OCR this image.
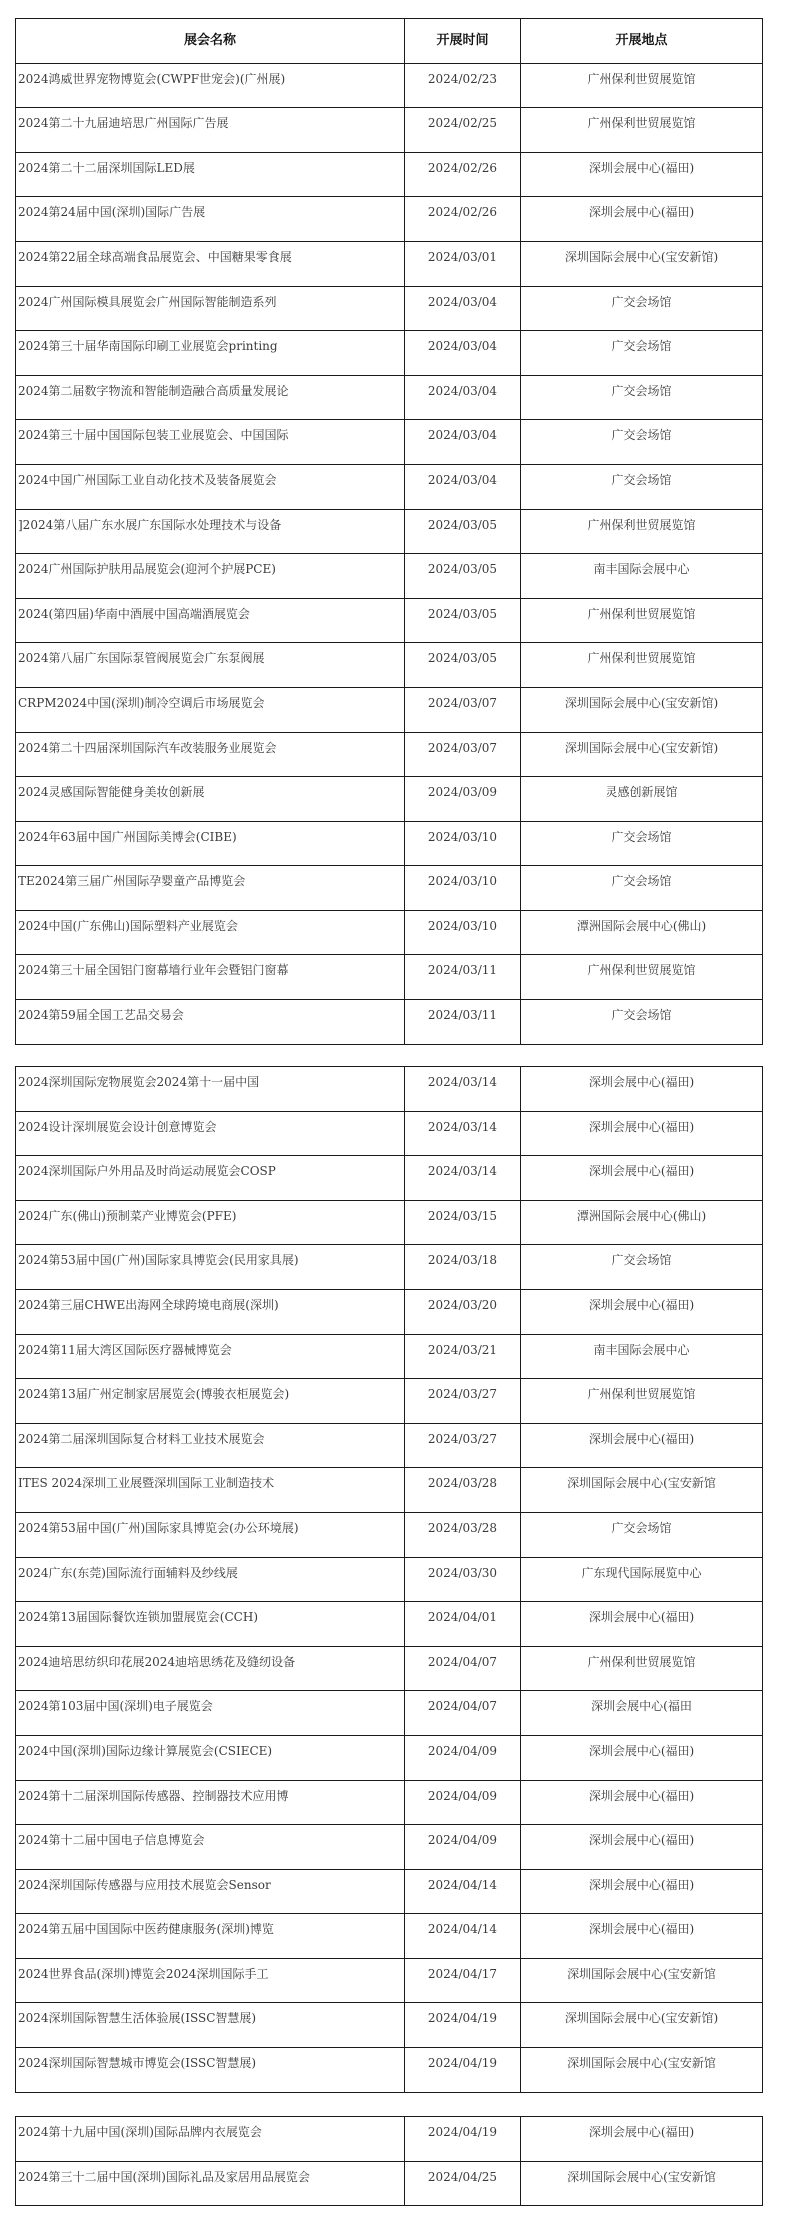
展会名称	开展时间	开展地点
2024鸿威世界宠物博览会(CWPF世宠会)(广州展)	2024/02/23	广州保利世贸展览馆
2024第二十九届迪培思广州国际广告展	2024/02/25	广州保利世贸展览馆
2024第二十二届深圳国际LED展	2024/02/26	深圳会展中心(福田)
2024第24届中国(深圳)国际广告展	2024/02/26	深圳会展中心(福田)
2024第22届全球高端食品展览会、中国糖果零食展	2024/03/01	深圳国际会展中心(宝安新馆)
2024广州国际模具展览会广州国际智能制造系列	2024/03/04	广交会场馆
2024第三十届华南国际印刷工业展览会printing	2024/03/04	广交会场馆
2024第二届数字物流和智能制造融合高质量发展论	2024/03/04	广交会场馆
2024第三十届中国国际包装工业展览会、中国国际	2024/03/04	广交会场馆
2024中国广州国际工业自动化技术及装备展览会	2024/03/04	广交会场馆
]2024第八届广东水展广东国际水处理技术与设备	2024/03/05	广州保利世贸展览馆
2024广州国际护肤用品展览会(迎河个护展PCE)	2024/03/05	南丰国际会展中心
2024(第四届)华南中酒展中国高端酒展览会	2024/03/05	广州保利世贸展览馆
2024第八届广东国际泵管阀展览会广东泵阀展	2024/03/05	广州保利世贸展览馆
CRPM2024中国(深圳)制冷空调后市场展览会	2024/03/07	深圳国际会展中心(宝安新馆)
2024第二十四届深圳国际汽车改装服务业展览会	2024/03/07	深圳国际会展中心(宝安新馆)
2024灵感国际智能健身美妆创新展	2024/03/09	灵感创新展馆
2024年63届中国广州国际美博会(CIBE)	2024/03/10	广交会场馆
TE2024第三届广州国际孕婴童产品博览会	2024/03/10	广交会场馆
2024中国(广东佛山)国际塑料产业展览会	2024/03/10	潭洲国际会展中心(佛山)
2024第三十届全国铝门窗幕墙行业年会暨铝门窗幕	2024/03/11	广州保利世贸展览馆
2024第59届全国工艺品交易会	2024/03/11	广交会场馆
2024深圳国际宠物展览会2024第十一届中国	2024/03/14	深圳会展中心(福田)
2024设计深圳展览会设计创意博览会	2024/03/14	深圳会展中心(福田)
2024深圳国际户外用品及时尚运动展览会COSP	2024/03/14	深圳会展中心(福田)
2024广东(佛山)预制菜产业博览会(PFE)	2024/03/15	潭洲国际会展中心(佛山)
2024第53届中国(广州)国际家具博览会(民用家具展)	2024/03/18	广交会场馆
2024第三届CHWE出海网全球跨境电商展(深圳)	2024/03/20	深圳会展中心(福田)
2024第11届大湾区国际医疗器械博览会	2024/03/21	南丰国际会展中心
2024第13届广州定制家居展览会(博骏衣柜展览会)	2024/03/27	广州保利世贸展览馆
2024第二届深圳国际复合材料工业技术展览会	2024/03/27	深圳会展中心(福田)
ITES 2024深圳工业展暨深圳国际工业制造技术	2024/03/28	深圳国际会展中心(宝安新馆
2024第53届中国(广州)国际家具博览会(办公环境展)	2024/03/28	广交会场馆
2024广东(东莞)国际流行面辅料及纱线展	2024/03/30	广东现代国际展览中心
2024第13届国际餐饮连锁加盟展览会(CCH)	2024/04/01	深圳会展中心(福田)
2024迪培思纺织印花展2024迪培思绣花及缝纫设备	2024/04/07	广州保利世贸展览馆
2024第103届中国(深圳)电子展览会	2024/04/07	深圳会展中心(福田
2024中国(深圳)国际边缘计算展览会(CSIECE)	2024/04/09	深圳会展中心(福田)
2024第十二届深圳国际传感器、控制器技术应用博	2024/04/09	深圳会展中心(福田)
2024第十二届中国电子信息博览会	2024/04/09	深圳会展中心(福田)
2024深圳国际传感器与应用技术展览会Sensor	2024/04/14	深圳会展中心(福田)
2024第五届中国国际中医药健康服务(深圳)博览	2024/04/14	深圳会展中心(福田)
2024世界食品(深圳)博览会2024深圳国际手工	2024/04/17	深圳国际会展中心(宝安新馆
2024深圳国际智慧生活体验展(ISSC智慧展)	2024/04/19	深圳国际会展中心(宝安新馆)
2024深圳国际智慧城市博览会(ISSC智慧展)	2024/04/19	深圳国际会展中心(宝安新馆
2024第十九届中国(深圳)国际品牌内衣展览会	2024/04/19	深圳会展中心(福田)
2024第三十二届中国(深圳)国际礼品及家居用品展览会	2024/04/25	深圳国际会展中心(宝安新馆
